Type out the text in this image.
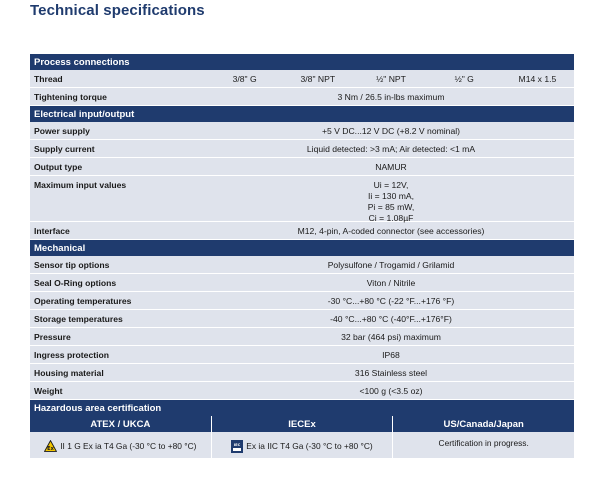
Technical specifications
Process connections
Thread	3/8" G	3/8" NPT	½" NPT	½" G	M14 x 1.5
Tightening torque	3 Nm / 26.5 in-lbs maximum
Electrical input/output
Power supply	+5 V DC...12 V DC (+8.2 V nominal)
Supply current	Liquid detected: >3 mA; Air detected: <1 mA
Output type	NAMUR
Maximum input values	Ui = 12V,
Ii = 130 mA,
Pi = 85 mW,
Ci = 1.08µF
Interface	M12, 4-pin, A-coded connector (see accessories)
Mechanical
Sensor tip options	Polysulfone / Trogamid / Grilamid
Seal O-Ring options	Viton / Nitrile
Operating temperatures	-30 °C...+80 °C (-22 °F...+176 °F)
Storage temperatures	-40 °C...+80 °C (-40°F...+176°F)
Pressure	32 bar (464 psi) maximum
Ingress protection	IP68
Housing material	316 Stainless steel
Weight	<100 g (<3.5 oz)
Hazardous area certification
ATEX / UKCA	IECEx	US/Canada/Japan
Ex II 1 G Ex ia T4 Ga (-30 °C to +80 °C)	IEC Ex ia IIC T4 Ga (-30 °C to +80 °C)	Certification in progress.
